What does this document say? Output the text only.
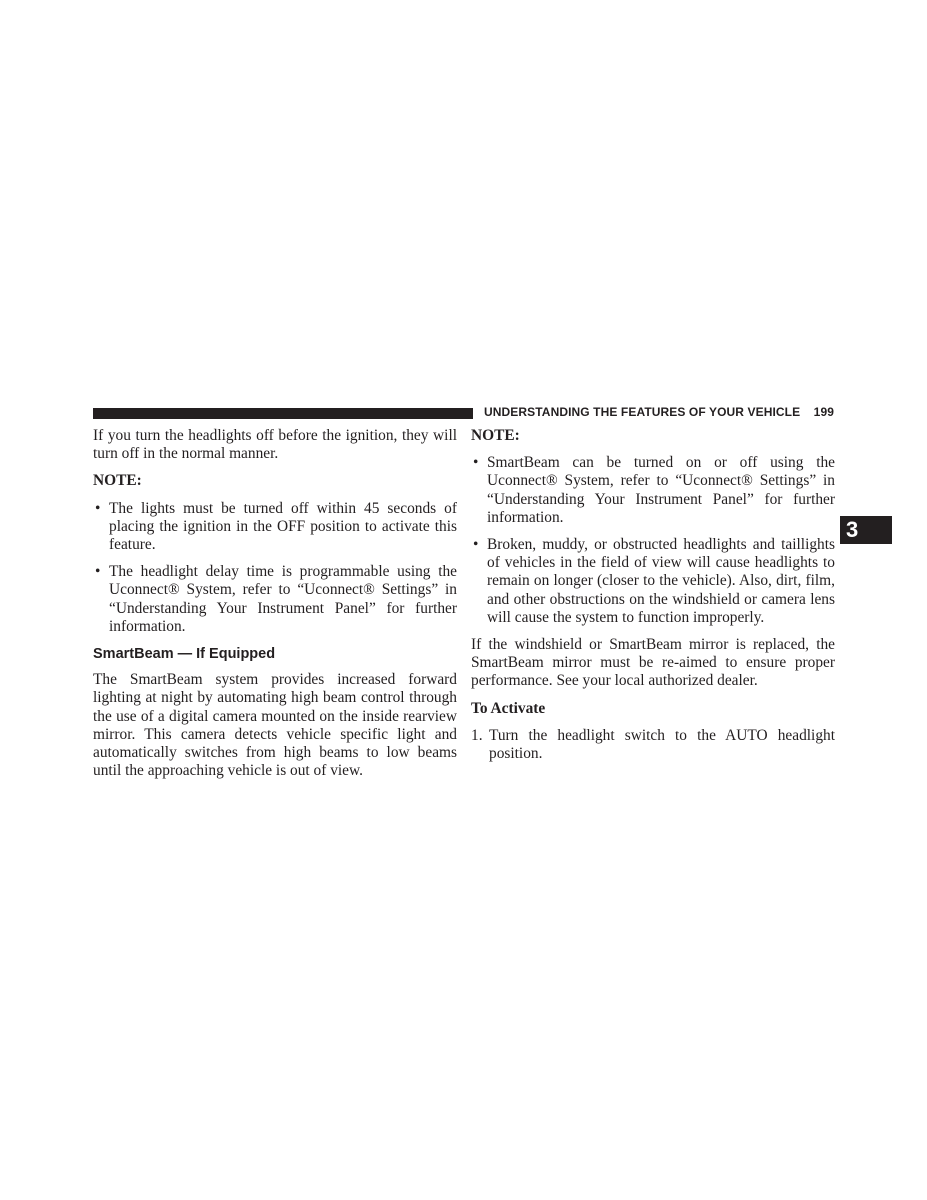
UNDERSTANDING THE FEATURES OF YOUR VEHICLE 199
3

If you turn the headlights off before the ignition, they will turn off in the normal manner.

NOTE:
• The lights must be turned off within 45 seconds of placing the ignition in the OFF position to activate this feature.
• The headlight delay time is programmable using the Uconnect® System, refer to “Uconnect® Settings” in “Understanding Your Instrument Panel” for further information.
SmartBeam — If Equipped

The SmartBeam system provides increased forward lighting at night by automating high beam control through the use of a digital camera mounted on the inside rearview mirror. This camera detects vehicle specific light and automatically switches from high beams to low beams until the approaching vehicle is out of view.

NOTE:
• SmartBeam can be turned on or off using the Uconnect® System, refer to “Uconnect® Settings” in “Understanding Your Instrument Panel” for further information.
• Broken, muddy, or obstructed headlights and taillights of vehicles in the field of view will cause headlights to remain on longer (closer to the vehicle). Also, dirt, film, and other obstructions on the windshield or camera lens will cause the system to function improperly.

If the windshield or SmartBeam mirror is replaced, the SmartBeam mirror must be re-aimed to ensure proper performance. See your local authorized dealer.

To Activate
1. Turn the headlight switch to the AUTO headlight position.
